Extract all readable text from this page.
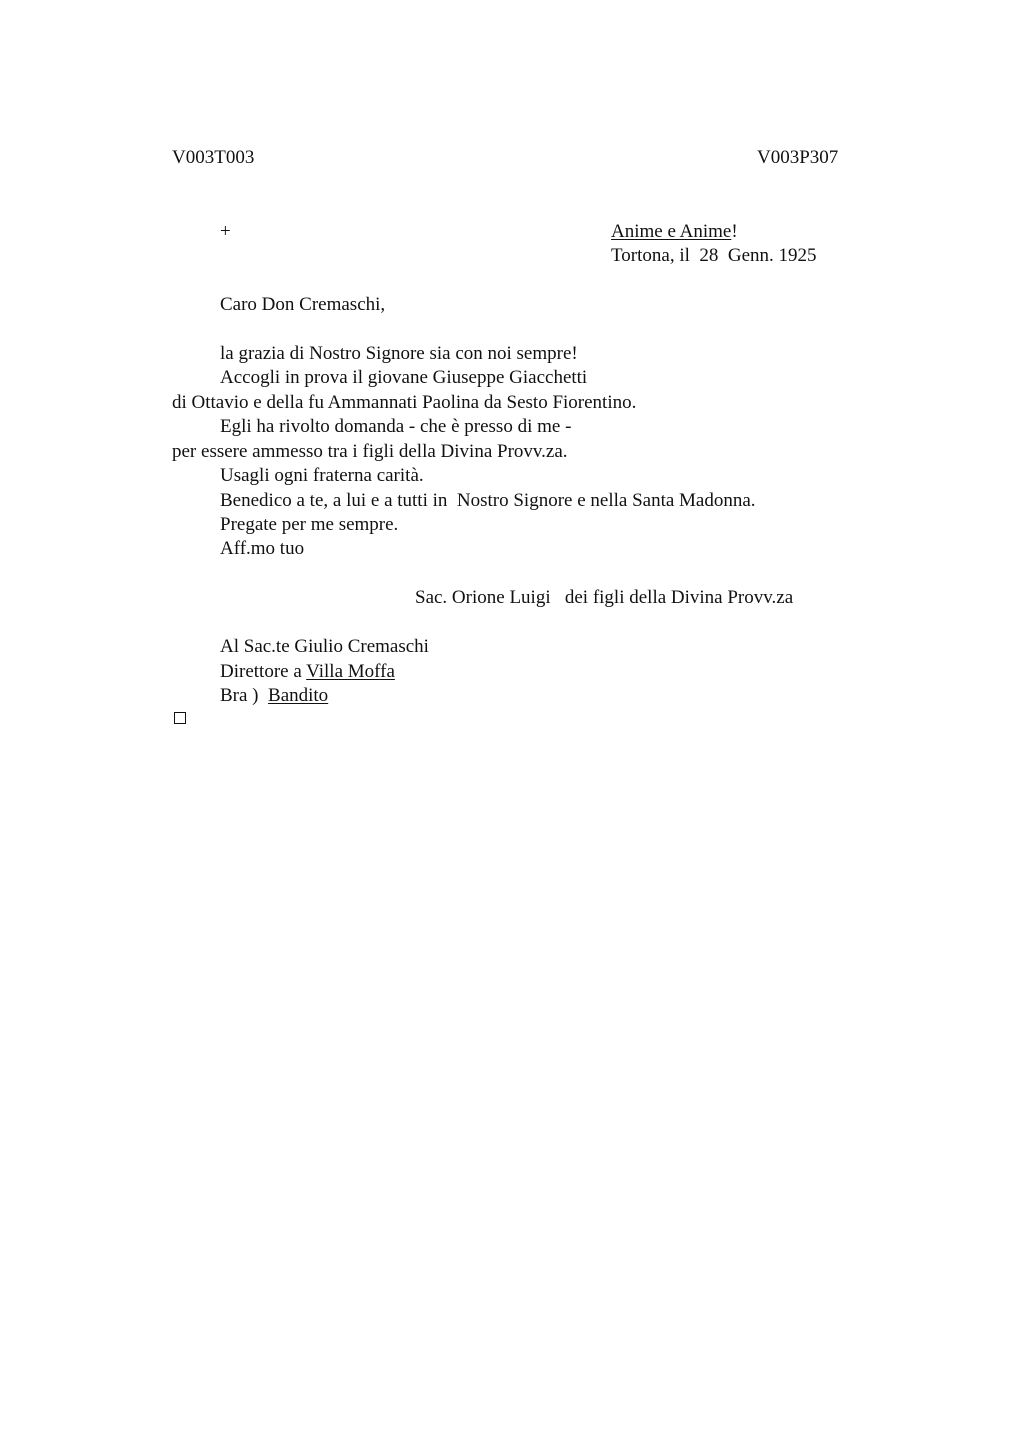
V003T003	V003P307
+	Anime e Anime!
Tortona, il  28  Genn. 1925
Caro Don Cremaschi,
la grazia di Nostro Signore sia con noi sempre!
Accogli in prova il giovane Giuseppe Giacchetti
di Ottavio e della fu Ammannati Paolina da Sesto Fiorentino.
Egli ha rivolto domanda - che è presso di me -
per essere ammesso tra i figli della Divina Provv.za.
Usagli ogni fraterna carità.
Benedico a te, a lui e a tutti in  Nostro Signore e nella Santa Madonna.
Pregate per me sempre.
Aff.mo tuo
Sac. Orione Luigi   dei figli della Divina Provv.za
Al Sac.te Giulio Cremaschi
Direttore a Villa Moffa
Bra )  Bandito
